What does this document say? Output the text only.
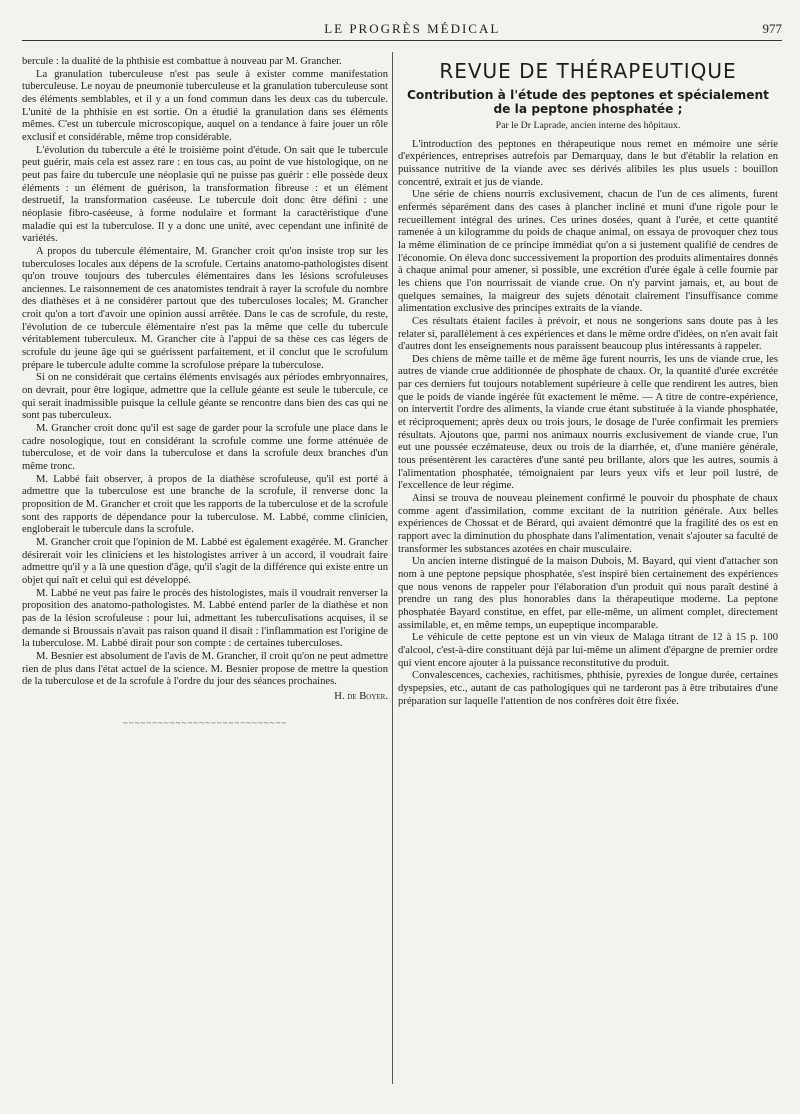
LE PROGRÈS MÉDICAL	977

bercule : la dualité de la phthisie est combattue à nouveau par M. Grancher.

La granulation tuberculeuse n'est pas seule à exister comme manifestation tuberculeuse. Le noyau de pneumonie tuberculeuse et la granulation tuberculeuse sont des éléments semblables, et il y a un fond commun dans les deux cas du tubercule. L'unité de la phthisie en est sortie. On a étudié la granulation dans ses éléments mêmes. C'est un tubercule microscopique, auquel on a tendance à faire jouer un rôle exclusif et considérable, même trop considérable.

L'évolution du tubercule a été le troisième point d'étude. On sait que le tubercule peut guérir, mais cela est assez rare : en tous cas, au point de vue histologique, on ne peut pas faire du tubercule une néoplasie qui ne puisse pas guérir : elle possède deux éléments : un élément de guérison, la transformation fibreuse : et un élément destruetif, la transformation caséeuse. Le tubercule doit donc être défini : une néoplasie fibro-caséeuse, à forme nodulaire et formant la caractéristique d'une maladie qui est la tuberculose. Il y a donc une unité, avec cependant une infinité de variétés.

A propos du tubercule élémentaire, M. Grancher croit qu'on insiste trop sur les tuberculoses locales aux dépens de la scrofule. Certains anatomo-pathologistes disent qu'on trouve toujours des tubercules élémentaires dans les lésions scrofuleuses anciennes. Le raisonnement de ces anatomistes tendrait à rayer la scrofule du nombre des diathèses et à ne considérer partout que des tuberculoses locales; M. Grancher croit qu'on a tort d'avoir une opinion aussi arrêtée. Dans le cas de scrofule, du reste, l'évolution de ce tubercule élémentaire n'est pas la même que celle du tubercule véritablement tuberculeux. M. Grancher cite à l'appui de sa thèse ces cas légers de scrofule du jeune âge qui se guérissent parfaitement, et il conclut que le scrofulum prépare le tubercule adulte comme la scrofulose prépare la tuberculose.

Si on ne considérait que certains éléments envisagés aux périodes embryonnaires, on devrait, pour être logique, admettre que la cellule géante est seule le tubercule, ce qui serait inadmissible puisque la cellule géante se rencontre dans bien des cas qui ne sont pas tuberculeux.

M. Grancher croit donc qu'il est sage de garder pour la scrofule une place dans le cadre nosologique, tout en considérant la scrofule comme une forme atténuée de tuberculose, et de voir dans la tuberculose et dans la scrofule deux branches d'un même tronc.

M. Labbé fait observer, à propos de la diathèse scrofuleuse, qu'il est porté à admettre que la tuberculose est une branche de la scrofule, il renverse donc la proposition de M. Grancher et croit que les rapports de la tuberculose et de la scrofule sont des rapports de dépendance pour la tuberculose. M. Labbé, comme clinicien, engloberait le tubercule dans la scrofule.

M. Grancher croit que l'opinion de M. Labbé est également exagérée. M. Grancher désirerait voir les cliniciens et les histologistes arriver à un accord, il voudrait faire admettre qu'il y a là une question d'âge, qu'il s'agit de la différence qui existe entre un objet qui naît et celui qui est développé.

M. Labbé ne veut pas faire le procès des histologistes, mais il voudrait renverser la proposition des anatomo-pathologistes. M. Labbé entend parler de la diathèse et non pas de la lésion scrofuleuse : pour lui, admettant les tuberculisations acquises, il se demande si Broussais n'avait pas raison quand il disait : l'inflammation est l'origine de la tuberculose. M. Labbé dirait pour son compte : de certaines tuberculoses.

M. Besnier est absolument de l'avis de M. Grancher, il croit qu'on ne peut admettre rien de plus dans l'état actuel de la science. M. Besnier propose de mettre la question de la tuberculose et de la scrofule à l'ordre du jour des séances prochaines.

H. de Boyer.
~~~~~~~~~~~~~~~~~~~~~~~~~~~~
REVUE DE THÉRAPEUTIQUE
Contribution à l'étude des peptones et spécialement de la peptone phosphatée ;
Par le Dr Laprade, ancien interne des hôpitaux.

L'introduction des peptones en thérapeutique nous remet en mémoire une série d'expériences, entreprises autrefois par Demarquay, dans le but d'établir la relation en puissance nutritive de la viande avec ses dérivés alibiles les plus usuels : bouillon concentré, extrait et jus de viande.

Une série de chiens nourris exclusivement, chacun de l'un de ces aliments, furent enfermés séparément dans des cases à plancher incliné et muni d'une rigole pour le recueillement intégral des urines. Ces urines dosées, quant à l'urée, et cette quantité ramenée à un kilogramme du poids de chaque animal, on essaya de provoquer chez tous la même élimination de ce principe immédiat qu'on a si justement qualifié de cendres de l'économie. On éleva donc successivement la proportion des produits alimentaires donnés à chaque animal pour amener, si possible, une excrétion d'urée égale à celle fournie par les chiens que l'on nourrissait de viande crue. On n'y parvint jamais, et, au bout de quelques semaines, la maigreur des sujets dénotait clairement l'insuffisance comme alimentation exclusive des principes extraits de la viande.

Ces résultats étaient faciles à prévoir, et nous ne songerions sans doute pas à les relater si, parallèlement à ces expériences et dans le même ordre d'idées, on n'en avait fait d'autres dont les enseignements nous paraissent beaucoup plus intéressants à rappeler.

Des chiens de même taille et de même âge furent nourris, les uns de viande crue, les autres de viande crue additionnée de phosphate de chaux. Or, la quantité d'urée excrétée par ces derniers fut toujours notablement supérieure à celle que rendirent les autres, bien que le poids de viande ingérée fût exactement le même. — A titre de contre-expérience, on intervertit l'ordre des aliments, la viande crue étant substituée à la viande phosphatée, et réciproquement; après deux ou trois jours, le dosage de l'urée confirmait les premiers résultats. Ajoutons que, parmi nos animaux nourris exclusivement de viande crue, l'un eut une poussée eczémateuse, deux ou trois de la diarrhée, et, d'une manière générale, tous présentèrent les caractères d'une santé peu brillante, alors que les autres, soumis à l'alimentation phosphatée, témoignaient par leurs yeux vifs et leur poil lustré, de l'excellence de leur régime.

Ainsi se trouva de nouveau pleinement confirmé le pouvoir du phosphate de chaux comme agent d'assimilation, comme excitant de la nutrition générale. Aux belles expériences de Chossat et de Bérard, qui avaient démontré que la fragilité des os est en rapport avec la diminution du phosphate dans l'alimentation, venait s'ajouter sa faculté de transformer les substances azotées en chair musculaire.

Un ancien interne distingué de la maison Dubois, M. Bayard, qui vient d'attacher son nom à une peptone pepsique phosphatée, s'est inspiré bien certainement des expériences que nous venons de rappeler pour l'élaboration d'un produit qui nous paraît destiné à prendre un rang des plus honorables dans la thérapeutique moderne. La peptone phosphatée Bayard constitue, en effet, par elle-même, un aliment complet, directement assimilable, et, en même temps, un eupeptique incomparable.

Le véhicule de cette peptone est un vin vieux de Malaga titrant de 12 à 15 p. 100 d'alcool, c'est-à-dire constituant déjà par lui-même un aliment d'épargne de premier ordre qui vient encore ajouter à la puissance reconstitutive du produit.

Convalescences, cachexies, rachitismes, phthisie, pyrexies de longue durée, certaines dyspepsies, etc., autant de cas pathologiques qui ne tarderont pas à être tributaires d'une préparation sur laquelle l'attention de nos confrères doit être fixée.
